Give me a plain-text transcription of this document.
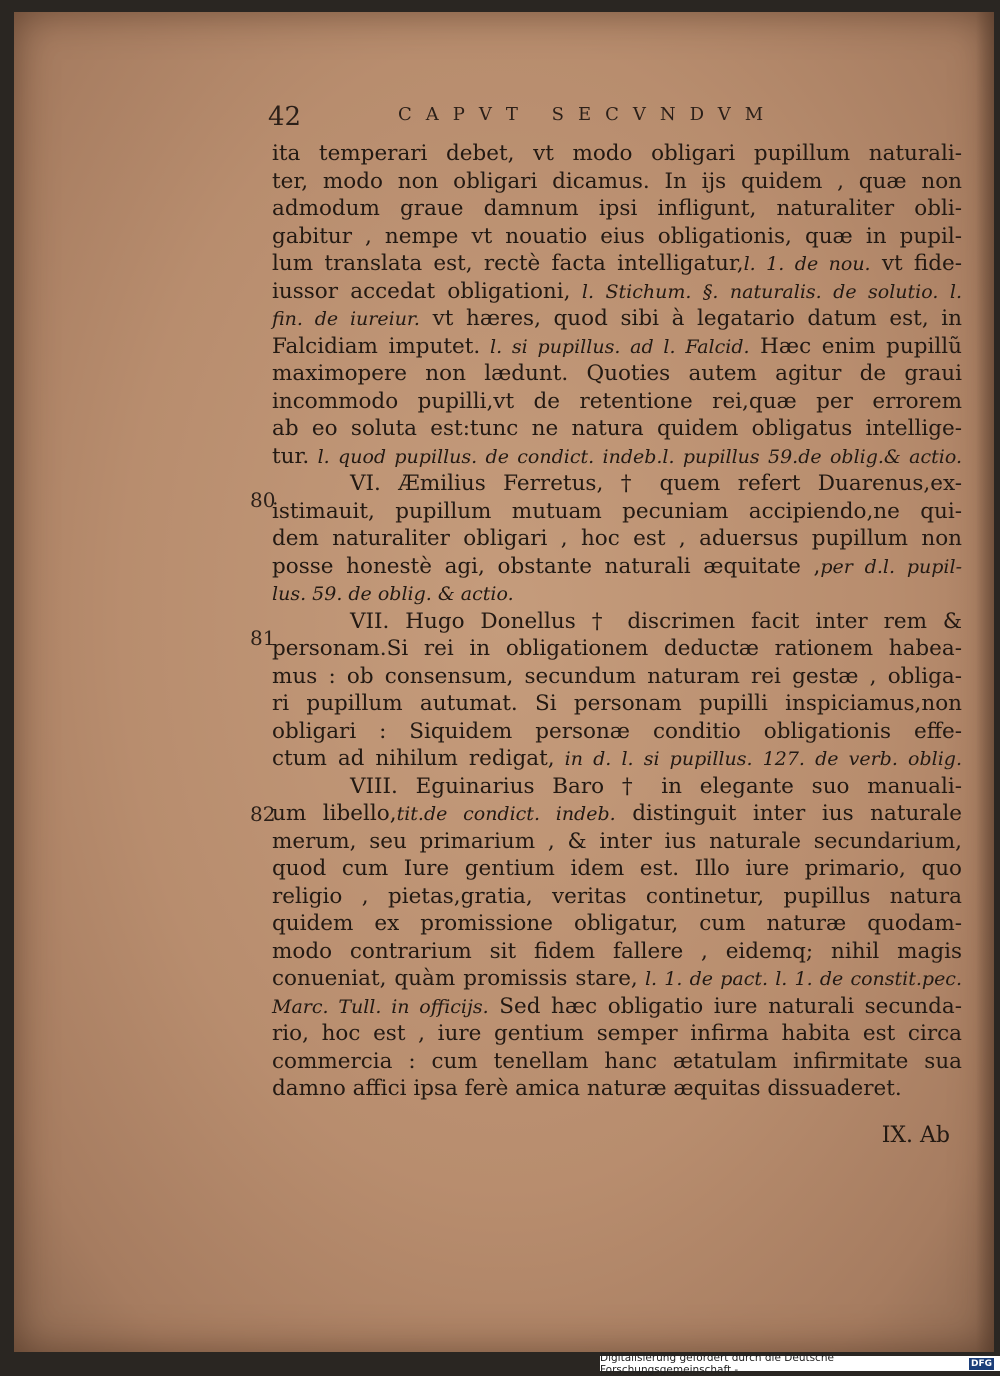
42	CAPVT SECVNDVM
80
81
82
ita temperari debet, vt modo obligari pupillum naturali-
ter, modo non obligari dicamus. In ijs quidem , quæ non
admodum graue damnum ipsi infligunt, naturaliter obli-
gabitur , nempe vt nouatio eius obligationis, quæ in pupil-
lum translata est, rectè facta intelligatur,l. 1. de nou. vt fide-
iussor accedat obligationi, l. Stichum. §. naturalis. de solutio. l.
fin. de iureiur. vt hæres, quod sibi à legatario datum est, in
Falcidiam imputet. l. si pupillus. ad l. Falcid. Hæc enim pupillũ
maximopere non lædunt. Quoties autem agitur de graui
incommodo pupilli,vt de retentione rei,quæ per errorem
ab eo soluta est:tunc ne natura quidem obligatus intellige-
tur. l. quod pupillus. de condict. indeb.l. pupillus 59.de oblig.& actio.
VI. Æmilius Ferretus, † quem refert Duarenus,ex-
istimauit, pupillum mutuam pecuniam accipiendo,ne qui-
dem naturaliter obligari , hoc est , aduersus pupillum non
posse honestè agi, obstante naturali æquitate ,per d.l. pupil-
lus. 59. de oblig. & actio.
VII. Hugo Donellus † discrimen facit inter rem &
personam.Si rei in obligationem deductæ rationem habea-
mus : ob consensum, secundum naturam rei gestæ , obliga-
ri pupillum autumat. Si personam pupilli inspiciamus,non
obligari : Siquidem personæ conditio obligationis effe-
ctum ad nihilum redigat, in d. l. si pupillus. 127. de verb. oblig.
VIII. Eguinarius Baro † in elegante suo manuali-
um libello,tit.de condict. indeb. distinguit inter ius naturale
merum, seu primarium , & inter ius naturale secundarium,
quod cum Iure gentium idem est. Illo iure primario, quo
religio , pietas,gratia, veritas continetur, pupillus natura
quidem ex promissione obligatur, cum naturæ quodam-
modo contrarium sit fidem fallere , eidemq; nihil magis
conueniat, quàm promissis stare, l. 1. de pact. l. 1. de constit.pec.
Marc. Tull. in officijs. Sed hæc obligatio iure naturali secunda-
rio, hoc est , iure gentium semper infirma habita est circa
commercia : cum tenellam hanc ætatulam infirmitate sua
damno affici ipsa ferè amica naturæ æquitas dissuaderet.
IX. Ab
Digitalisierung gefördert durch die Deutsche Forschungsgemeinschaft -	DFG
